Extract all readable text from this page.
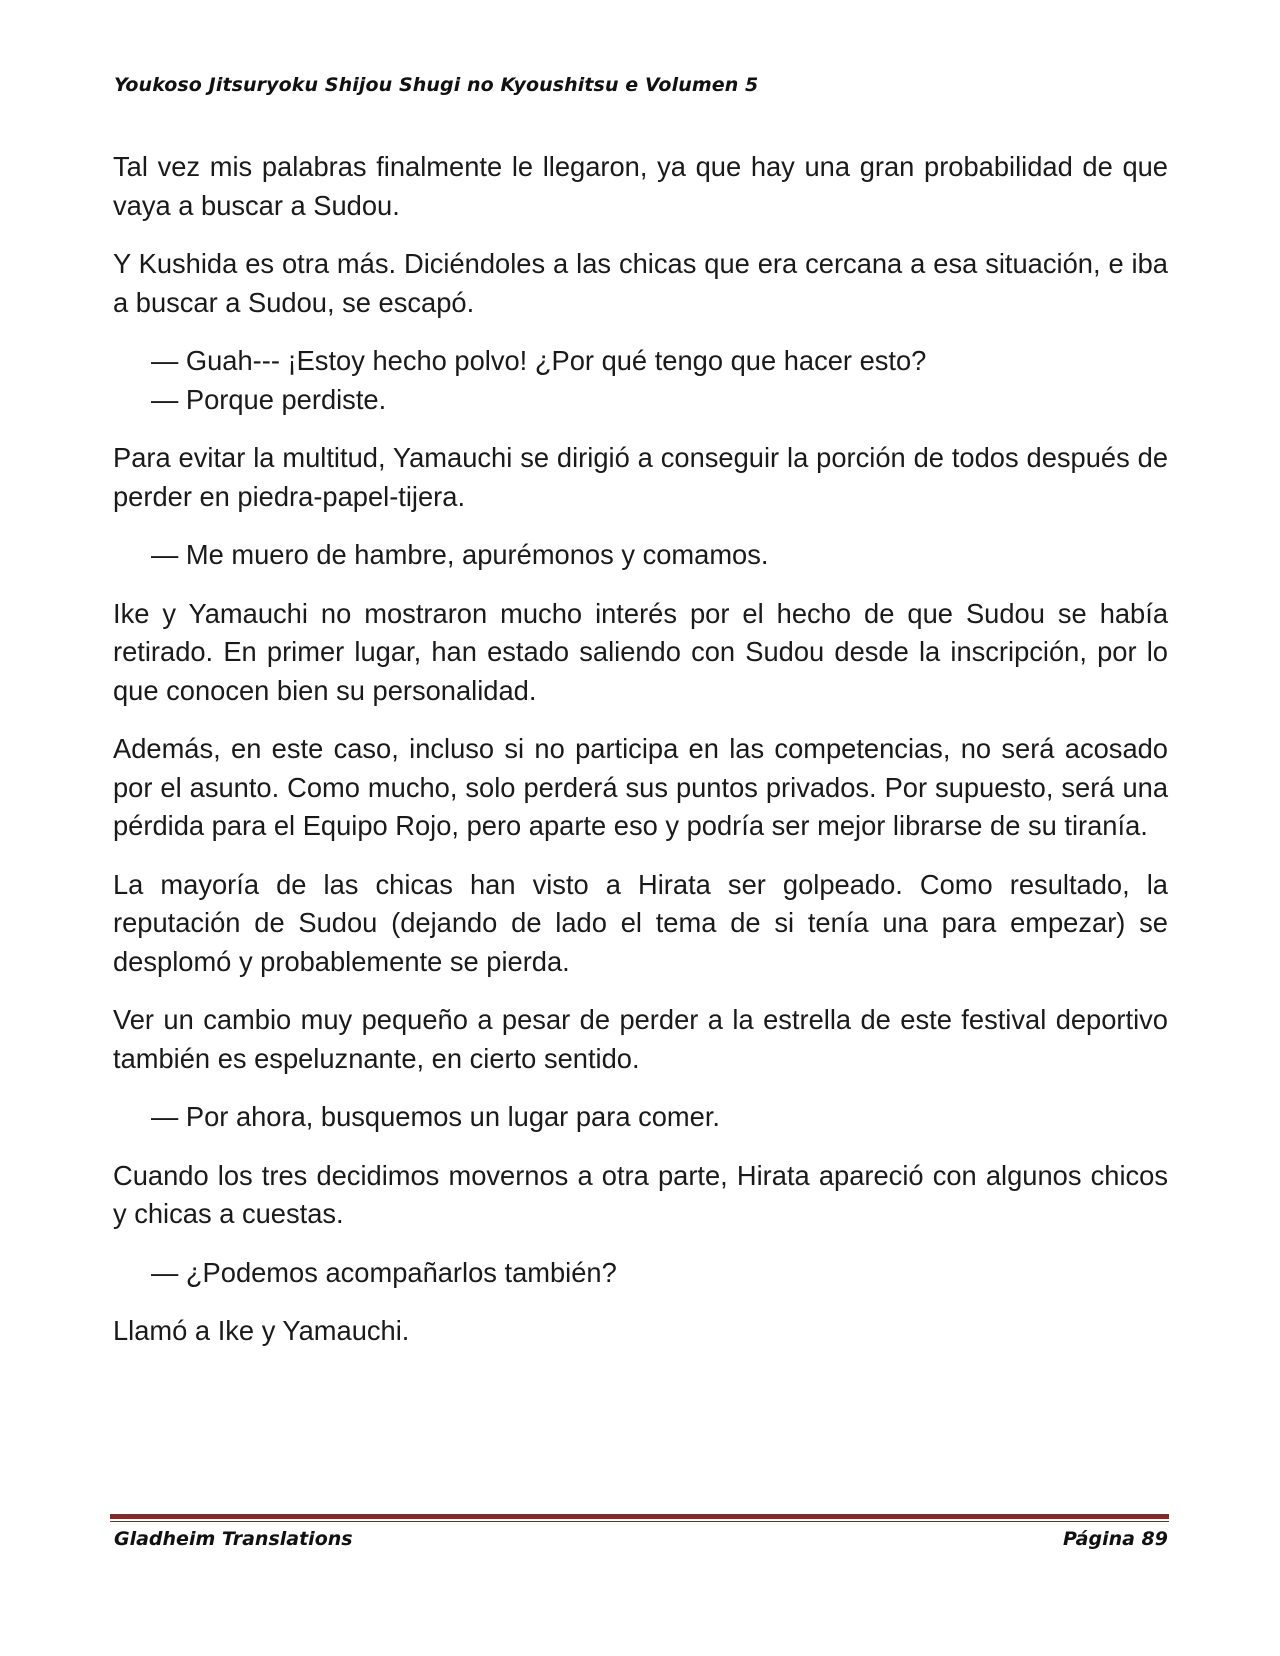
Youkoso Jitsuryoku Shijou Shugi no Kyoushitsu e Volumen 5

Tal vez mis palabras finalmente le llegaron, ya que hay una gran probabilidad de que vaya a buscar a Sudou.

Y Kushida es otra más. Diciéndoles a las chicas que era cercana a esa situación, e iba a buscar a Sudou, se escapó.

— Guah--- ¡Estoy hecho polvo! ¿Por qué tengo que hacer esto?

— Porque perdiste.

Para evitar la multitud, Yamauchi se dirigió a conseguir la porción de todos después de perder en piedra-papel-tijera.

— Me muero de hambre, apurémonos y comamos.

Ike y Yamauchi no mostraron mucho interés por el hecho de que Sudou se había retirado. En primer lugar, han estado saliendo con Sudou desde la inscripción, por lo que conocen bien su personalidad.

Además, en este caso, incluso si no participa en las competencias, no será acosado por el asunto. Como mucho, solo perderá sus puntos privados. Por supuesto, será una pérdida para el Equipo Rojo, pero aparte eso y podría ser mejor librarse de su tiranía.

La mayoría de las chicas han visto a Hirata ser golpeado. Como resultado, la reputación de Sudou (dejando de lado el tema de si tenía una para empezar) se desplomó y probablemente se pierda.

Ver un cambio muy pequeño a pesar de perder a la estrella de este festival deportivo también es espeluznante, en cierto sentido.

— Por ahora, busquemos un lugar para comer.

Cuando los tres decidimos movernos a otra parte, Hirata apareció con algunos chicos y chicas a cuestas.

— ¿Podemos acompañarlos también?

Llamó a Ike y Yamauchi.

Gladheim Translations	Página 89
